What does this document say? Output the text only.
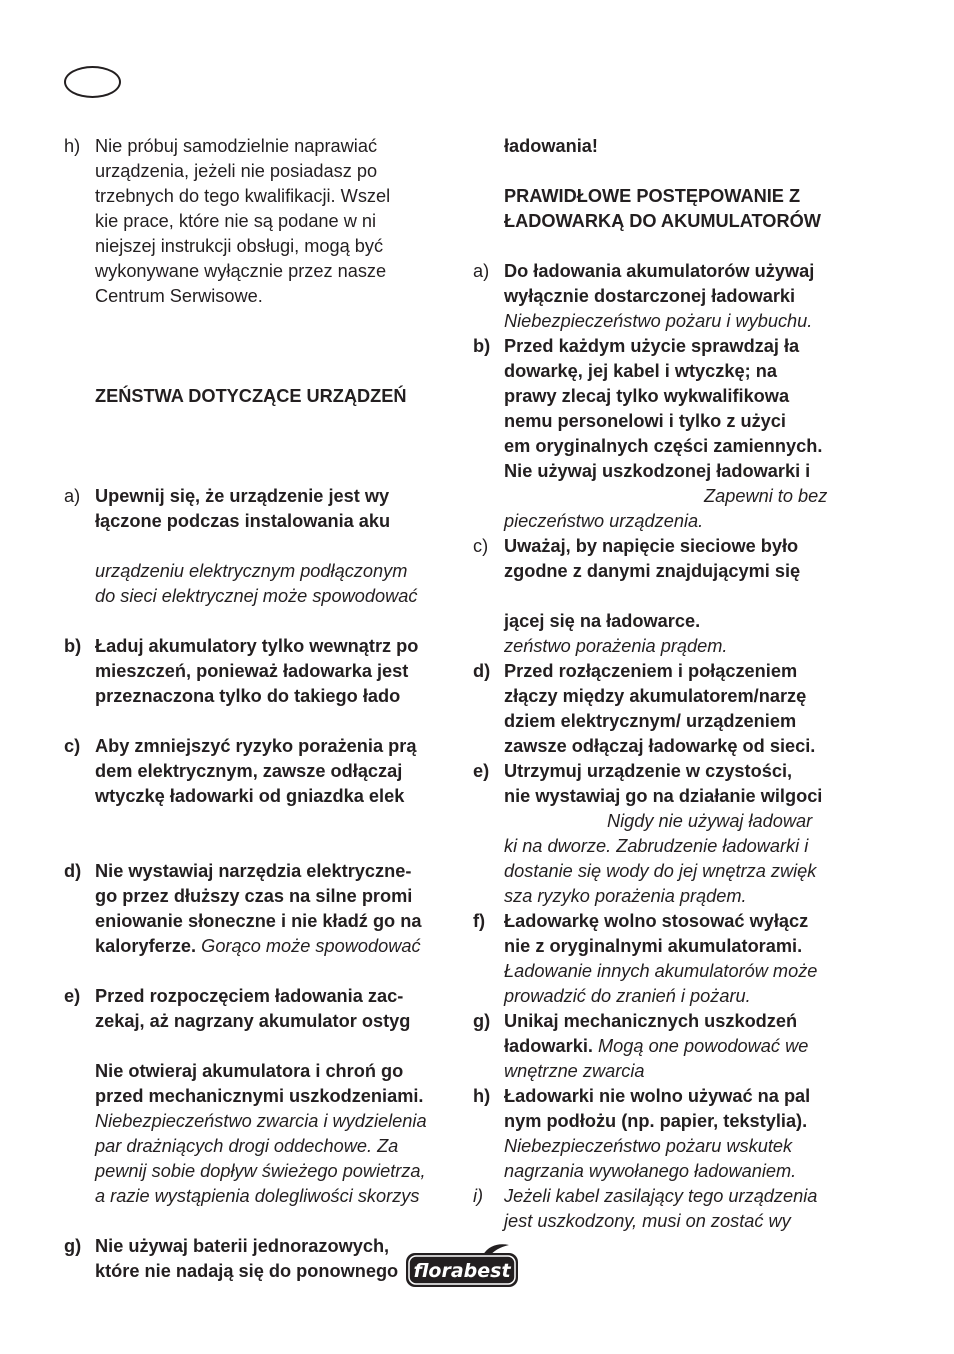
h) Nie próbuj samodzielnie naprawiać
urządzenia, jeżeli nie posiadasz po
trzebnych do tego kwalifikacji. Wszel
kie prace, które nie są podane w ni
niejszej instrukcji obsługi, mogą być
wykonywane wyłącznie przez nasze
Centrum Serwisowe.
ZEŃSTWA DOTYCZĄCE URZĄDZEŃ
a) Upewnij się, że urządzenie jest wy
łączone podczas instalowania aku
urządzeniu elektrycznym podłączonym
do sieci elektrycznej może spowodować
b) Ładuj akumulatory tylko wewnątrz po
mieszczeń, ponieważ ładowarka jest
przeznaczona tylko do takiego łado
c) Aby zmniejszyć ryzyko porażenia prą
dem elektrycznym, zawsze odłączaj
wtyczkę ładowarki od gniazdka elek
d) Nie wystawiaj narzędzia elektryczne-
go przez dłuższy czas na silne promi
eniowanie słoneczne i nie kładź go na
kaloryferze. Gorąco może spowodować
e) Przed rozpoczęciem ładowania zac-
zekaj, aż nagrzany akumulator ostyg
Nie otwieraj akumulatora i chroń go
przed mechanicznymi uszkodzeniami.
Niebezpieczeństwo zwarcia i wydzielenia
par drażniących drogi oddechowe. Za
pewnij sobie dopływ świeżego powietrza,
a razie wystąpienia dolegliwości skorzys
g) Nie używaj baterii jednorazowych,
które nie nadają się do ponownego
ładowania!
PRAWIDŁOWE POSTĘPOWANIE Z
ŁADOWARKĄ DO AKUMULATORÓW
a) Do ładowania akumulatorów używaj
wyłącznie dostarczonej ładowarki
Niebezpieczeństwo pożaru i wybuchu.
b) Przed każdym użycie sprawdzaj ła
dowarkę, jej kabel i wtyczkę; na
prawy zlecaj tylko wykwalifikowa
nemu personelowi i tylko z użyci
em oryginalnych części zamiennych.
Nie używaj uszkodzonej ładowarki i
Zapewni to bez
pieczeństwo urządzenia.
c) Uważaj, by napięcie sieciowe było
zgodne z danymi znajdującymi się
jącej się na ładowarce.
zeństwo porażenia prądem.
d) Przed rozłączeniem i połączeniem
złączy między akumulatorem/narzę
dziem elektrycznym/ urządzeniem
zawsze odłączaj ładowarkę od sieci.
e) Utrzymuj urządzenie w czystości,
nie wystawiaj go na działanie wilgoci
Nigdy nie używaj ładowar
ki na dworze. Zabrudzenie ładowarki i
dostanie się wody do jej wnętrza zwięk
sza ryzyko porażenia prądem.
f) Ładowarkę wolno stosować wyłącz
nie z oryginalnymi akumulatorami.
Ładowanie innych akumulatorów może
prowadzić do zranień i pożaru.
g) Unikaj mechanicznych uszkodzeń
ładowarki. Mogą one powodować we
wnętrzne zwarcia
h) Ładowarki nie wolno używać na pal
nym podłożu (np. papier, tekstylia).
Niebezpieczeństwo pożaru wskutek
nagrzania wywołanego ładowaniem.
i) Jeżeli kabel zasilający tego urządzenia
jest uszkodzony, musi on zostać wy
florabest
